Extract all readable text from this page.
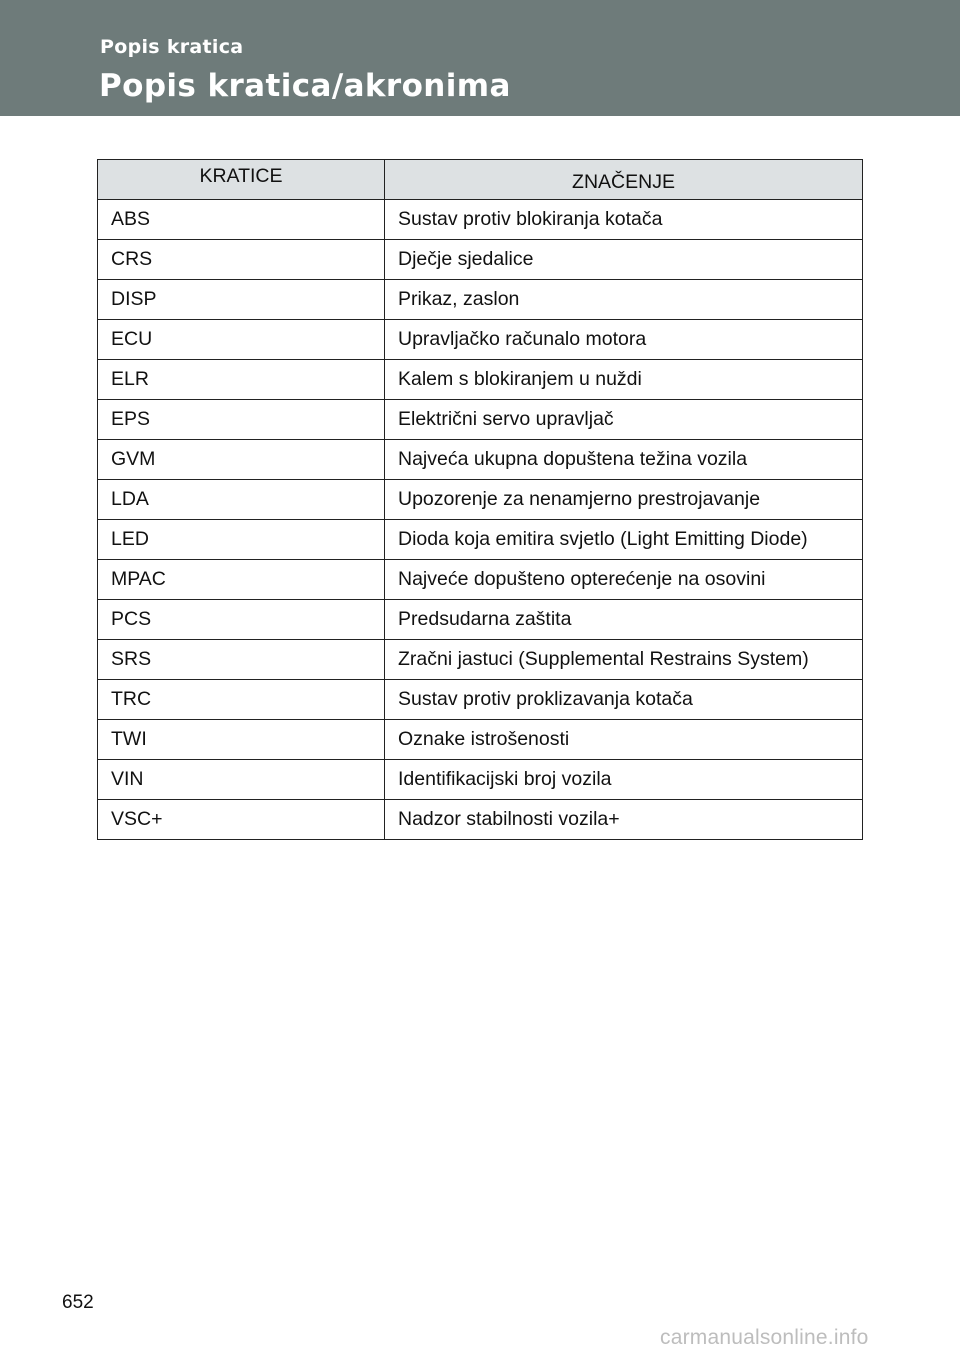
Popis kratica
Popis kratica/akronima
KRATICE	ZNAČENJE
ABS	Sustav protiv blokiranja kotača
CRS	Dječje sjedalice
DISP	Prikaz, zaslon
ECU	Upravljačko računalo motora
ELR	Kalem s blokiranjem u nuždi
EPS	Električni servo upravljač
GVM	Najveća ukupna dopuštena težina vozila
LDA	Upozorenje za nenamjerno prestrojavanje
LED	Dioda koja emitira svjetlo (Light Emitting Diode)
MPAC	Najveće dopušteno opterećenje na osovini
PCS	Predsudarna zaštita
SRS	Zračni jastuci (Supplemental Restrains System)
TRC	Sustav protiv proklizavanja kotača
TWI	Oznake istrošenosti
VIN	Identifikacijski broj vozila
VSC+	Nadzor stabilnosti vozila+
652
carmanualsonline.info
